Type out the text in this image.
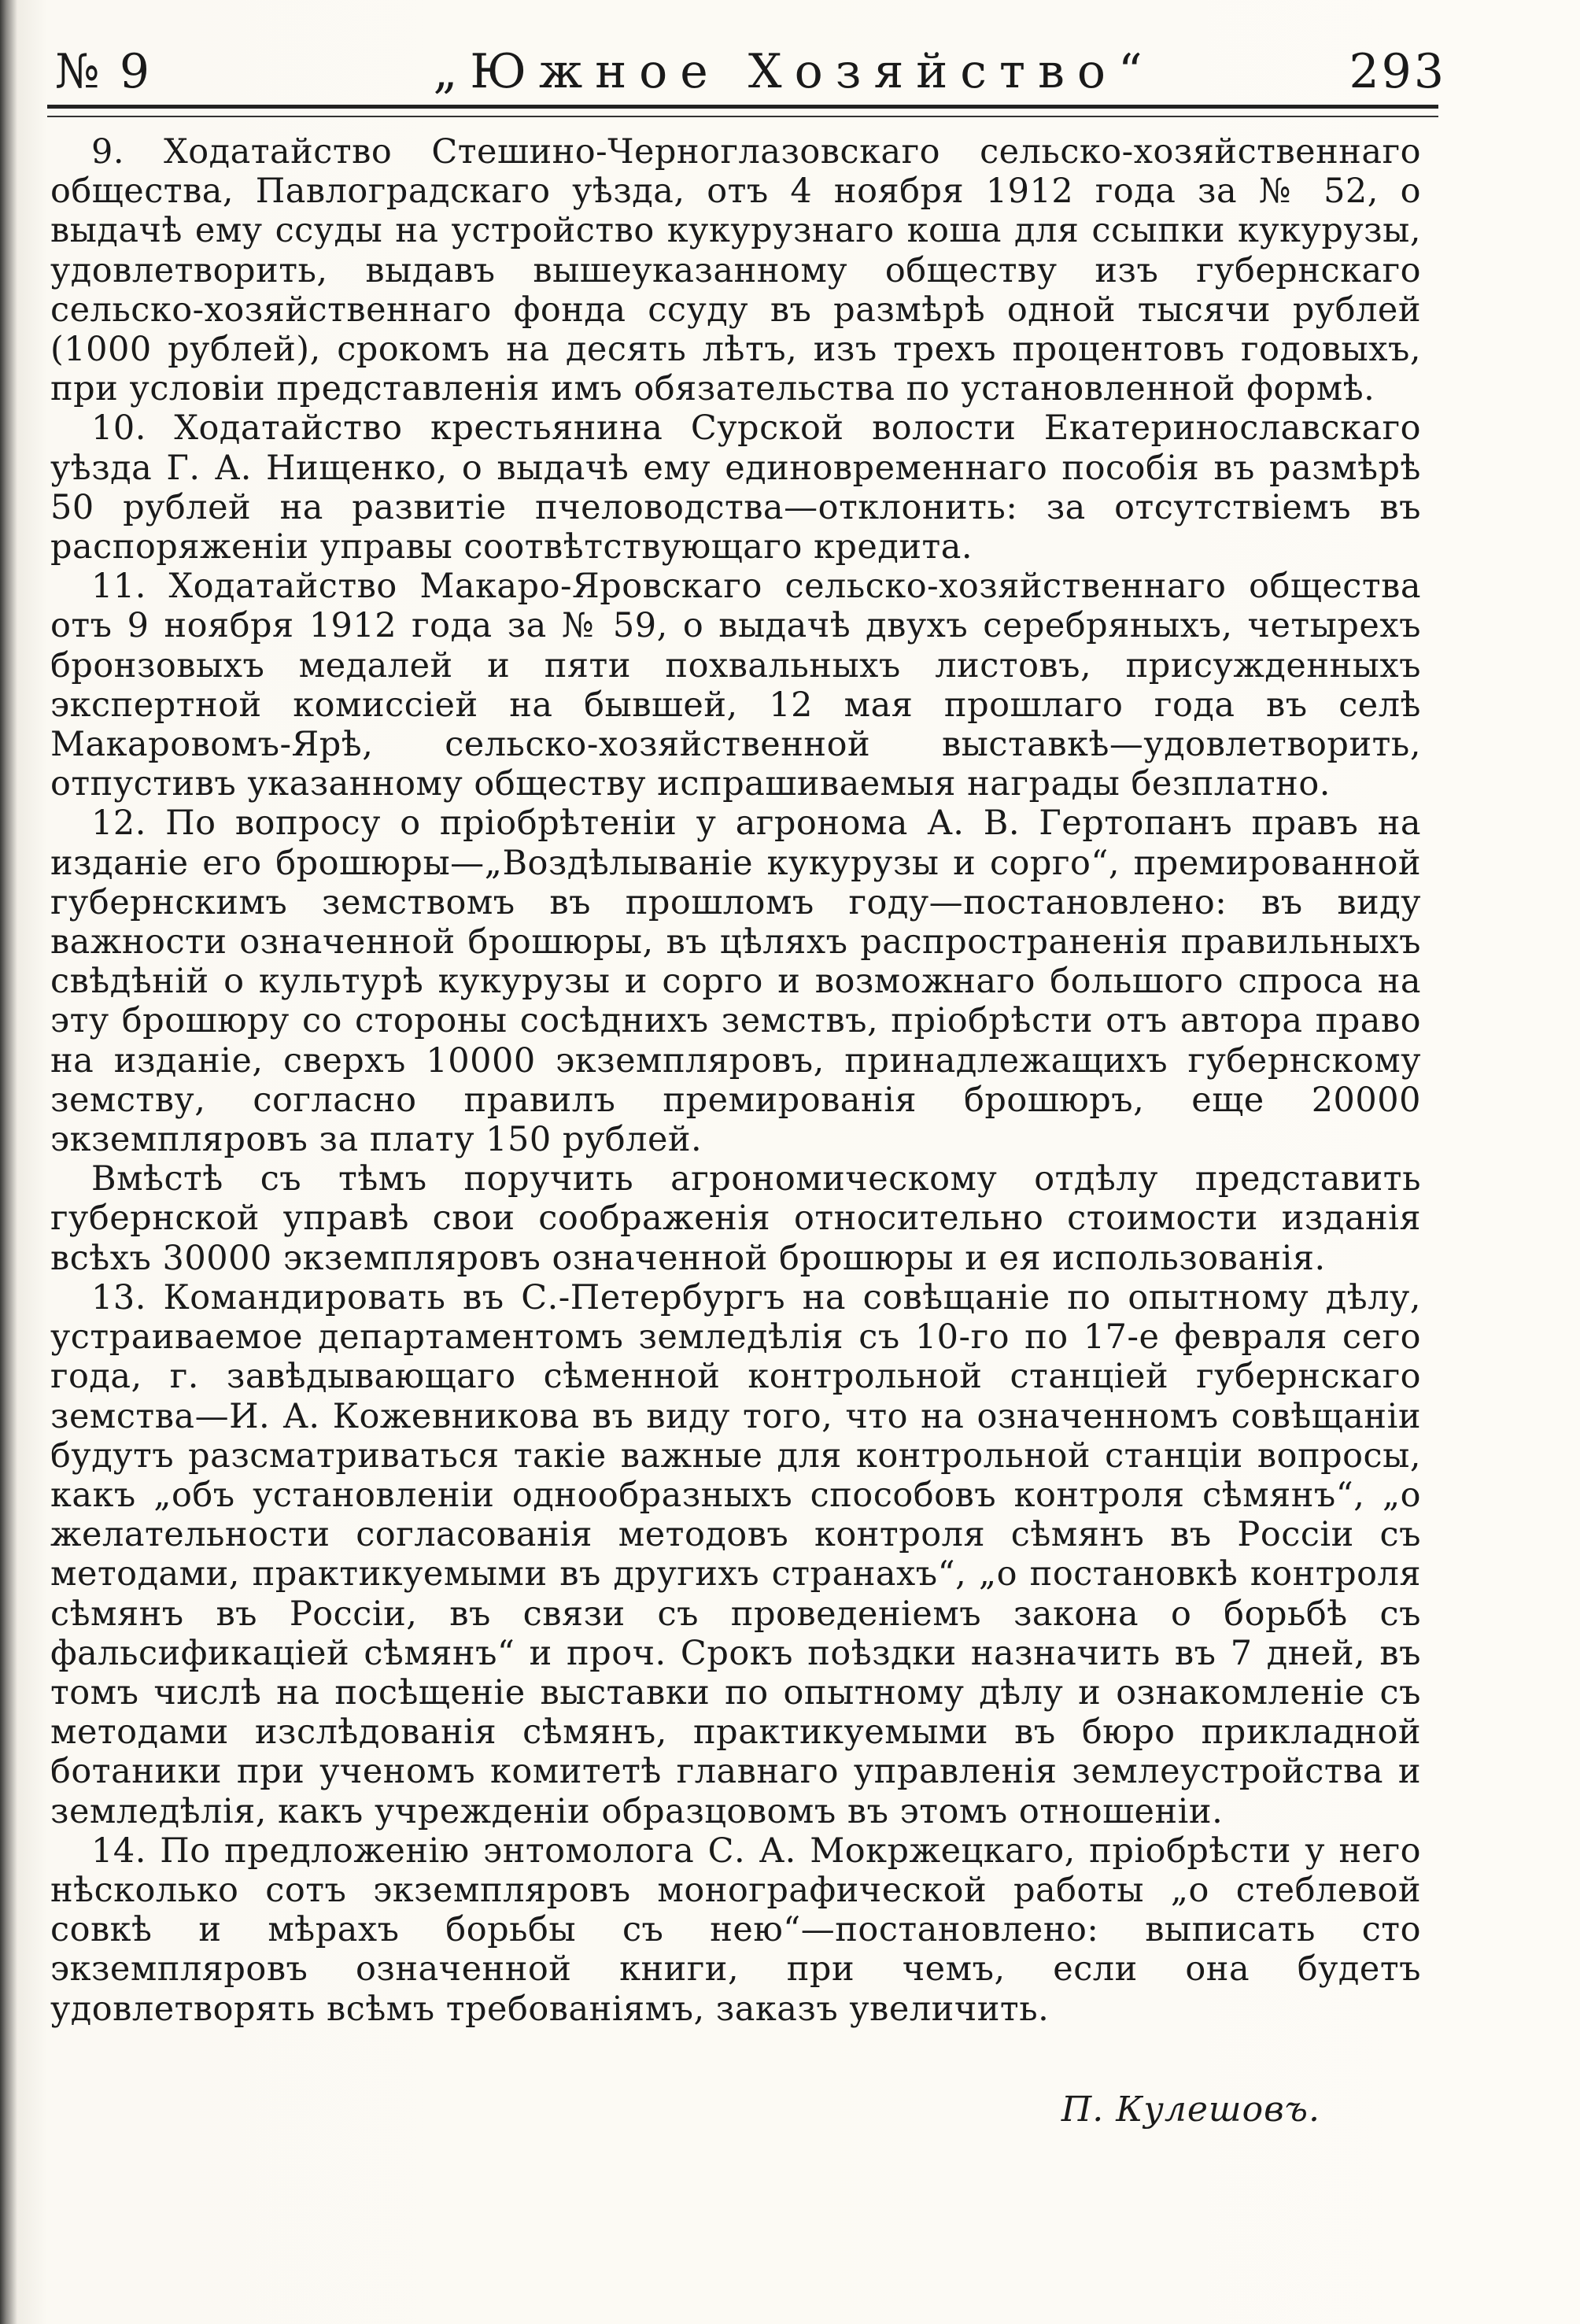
№ 9	„Южное Хозяйство“	293

9. Ходатайство Стешино-Черноглазовскаго сельско-хозяйственнаго общества, Павлоградскаго уѣзда, отъ 4 ноября 1912 года за № 52, о выдачѣ ему ссуды на устройство кукурузнаго коша для ссыпки кукурузы, удовлетворить, выдавъ вышеуказанному обществу изъ губернскаго сельско-хозяйственнаго фонда ссуду въ размѣрѣ одной тысячи рублей (1000 рублей), срокомъ на десять лѣтъ, изъ трехъ процентовъ годовыхъ, при условіи представленія имъ обязательства по установленной формѣ.

10. Ходатайство крестьянина Сурской волости Екатеринославскаго уѣзда Г. А. Нищенко, о выдачѣ ему единовременнаго пособія въ размѣрѣ 50 рублей на развитіе пчеловодства—отклонить: за отсутствіемъ въ распоряженіи управы соотвѣтствующаго кредита.

11. Ходатайство Макаро-Яровскаго сельско-хозяйственнаго общества отъ 9 ноября 1912 года за № 59, о выдачѣ двухъ серебряныхъ, четырехъ бронзовыхъ медалей и пяти похвальныхъ листовъ, присужденныхъ экспертной комиссіей на бывшей, 12 мая прошлаго года въ селѣ Макаровомъ-Ярѣ, сельско-хозяйственной выставкѣ—удовлетворить, отпустивъ указанному обществу испрашиваемыя награды безплатно.

12. По вопросу о пріобрѣтеніи у агронома А. В. Гертопанъ правъ на изданіе его брошюры—„Воздѣлываніе кукурузы и сорго“, премированной губернскимъ земствомъ въ прошломъ году—постановлено: въ виду важности означенной брошюры, въ цѣляхъ распространенія правильныхъ свѣдѣній о культурѣ кукурузы и сорго и возможнаго большого спроса на эту брошюру со стороны сосѣднихъ земствъ, пріобрѣсти отъ автора право на изданіе, сверхъ 10000 экземпляровъ, принадлежащихъ губернскому земству, согласно правилъ премированія брошюръ, еще 20000 экземпляровъ за плату 150 рублей.

Вмѣстѣ съ тѣмъ поручить агрономическому отдѣлу представить губернской управѣ свои соображенія относительно стоимости изданія всѣхъ 30000 экземпляровъ означенной брошюры и ея использованія.

13. Командировать въ С.-Петербургъ на совѣщаніе по опытному дѣлу, устраиваемое департаментомъ земледѣлія съ 10-го по 17-е февраля сего года, г. завѣдывающаго сѣменной контрольной станціей губернскаго земства—И. А. Кожевникова въ виду того, что на означенномъ совѣщаніи будутъ разсматриваться такіе важные для контрольной станціи вопросы, какъ „объ установленіи однообразныхъ способовъ контроля сѣмянъ“, „о желательности согласованія методовъ контроля сѣмянъ въ Россіи съ методами, практикуемыми въ другихъ странахъ“, „о постановкѣ контроля сѣмянъ въ Россіи, въ связи съ проведеніемъ закона о борьбѣ съ фальсификаціей сѣмянъ“ и проч. Срокъ поѣздки назначить въ 7 дней, въ томъ числѣ на посѣщеніе выставки по опытному дѣлу и ознакомленіе съ методами изслѣдованія сѣмянъ, практикуемыми въ бюро прикладной ботаники при ученомъ комитетѣ главнаго управленія землеустройства и земледѣлія, какъ учрежденіи образцовомъ въ этомъ отношеніи.

14. По предложенію энтомолога С. А. Мокржецкаго, пріобрѣсти у него нѣсколько сотъ экземпляровъ монографической работы „о стеблевой совкѣ и мѣрахъ борьбы съ нею“—постановлено: выписать сто экземпляровъ означенной книги, при чемъ, если она будетъ удовлетворять всѣмъ требованіямъ, заказъ увеличить.

П. Кулешовъ.
